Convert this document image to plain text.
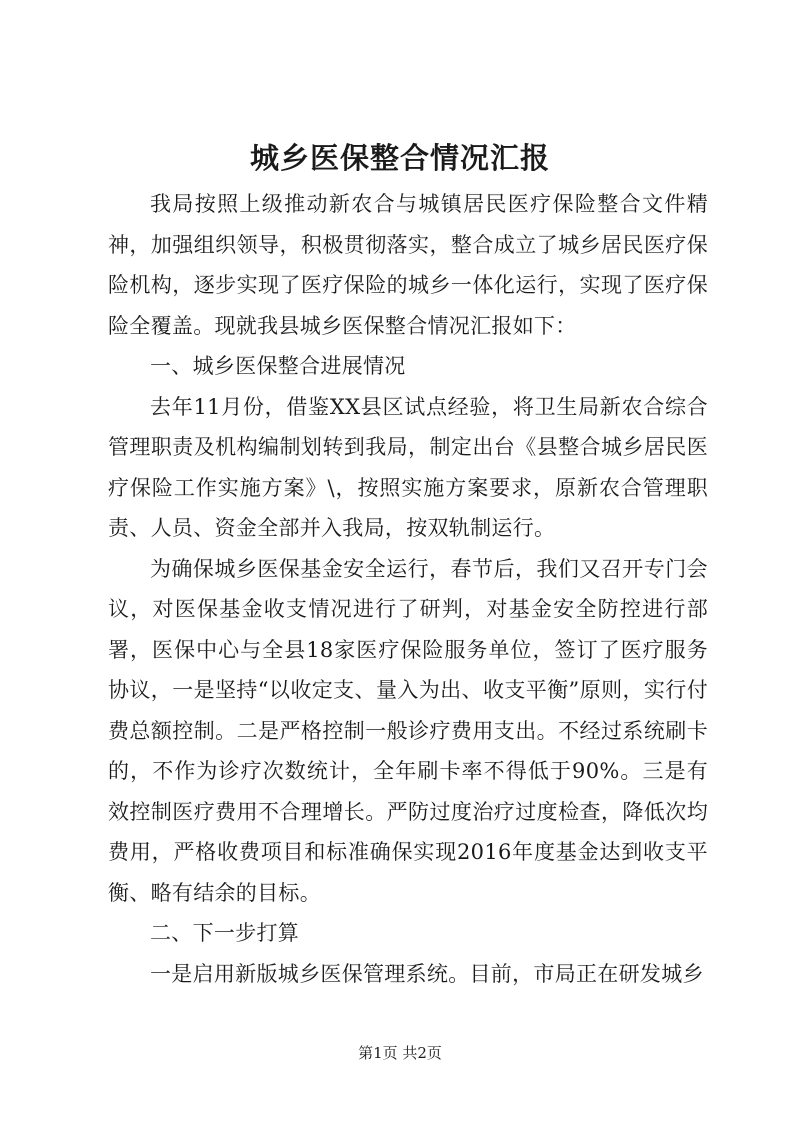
城乡医保整合情况汇报

我局按照上级推动新农合与城镇居民医疗保险整合文件精神，加强组织领导，积极贯彻落实，整合成立了城乡居民医疗保险机构，逐步实现了医疗保险的城乡一体化运行，实现了医疗保险全覆盖。现就我县城乡医保整合情况汇报如下：

一、城乡医保整合进展情况

去年11月份，借鉴XX县区试点经验，将卫生局新农合综合管理职责及机构编制划转到我局，制定出台《县整合城乡居民医疗保险工作实施方案》\，按照实施方案要求，原新农合管理职责、人员、资金全部并入我局，按双轨制运行。

为确保城乡医保基金安全运行，春节后，我们又召开专门会议，对医保基金收支情况进行了研判，对基金安全防控进行部署，医保中心与全县18家医疗保险服务单位，签订了医疗服务协议，一是坚持“以收定支、量入为出、收支平衡”原则，实行付费总额控制。二是严格控制一般诊疗费用支出。不经过系统刷卡的，不作为诊疗次数统计，全年刷卡率不得低于90%。三是有效控制医疗费用不合理增长。严防过度治疗过度检查，降低次均费用，严格收费项目和标准确保实现2016年度基金达到收支平衡、略有结余的目标。

二、下一步打算

一是启用新版城乡医保管理系统。目前，市局正在研发城乡

第1页 共2页
